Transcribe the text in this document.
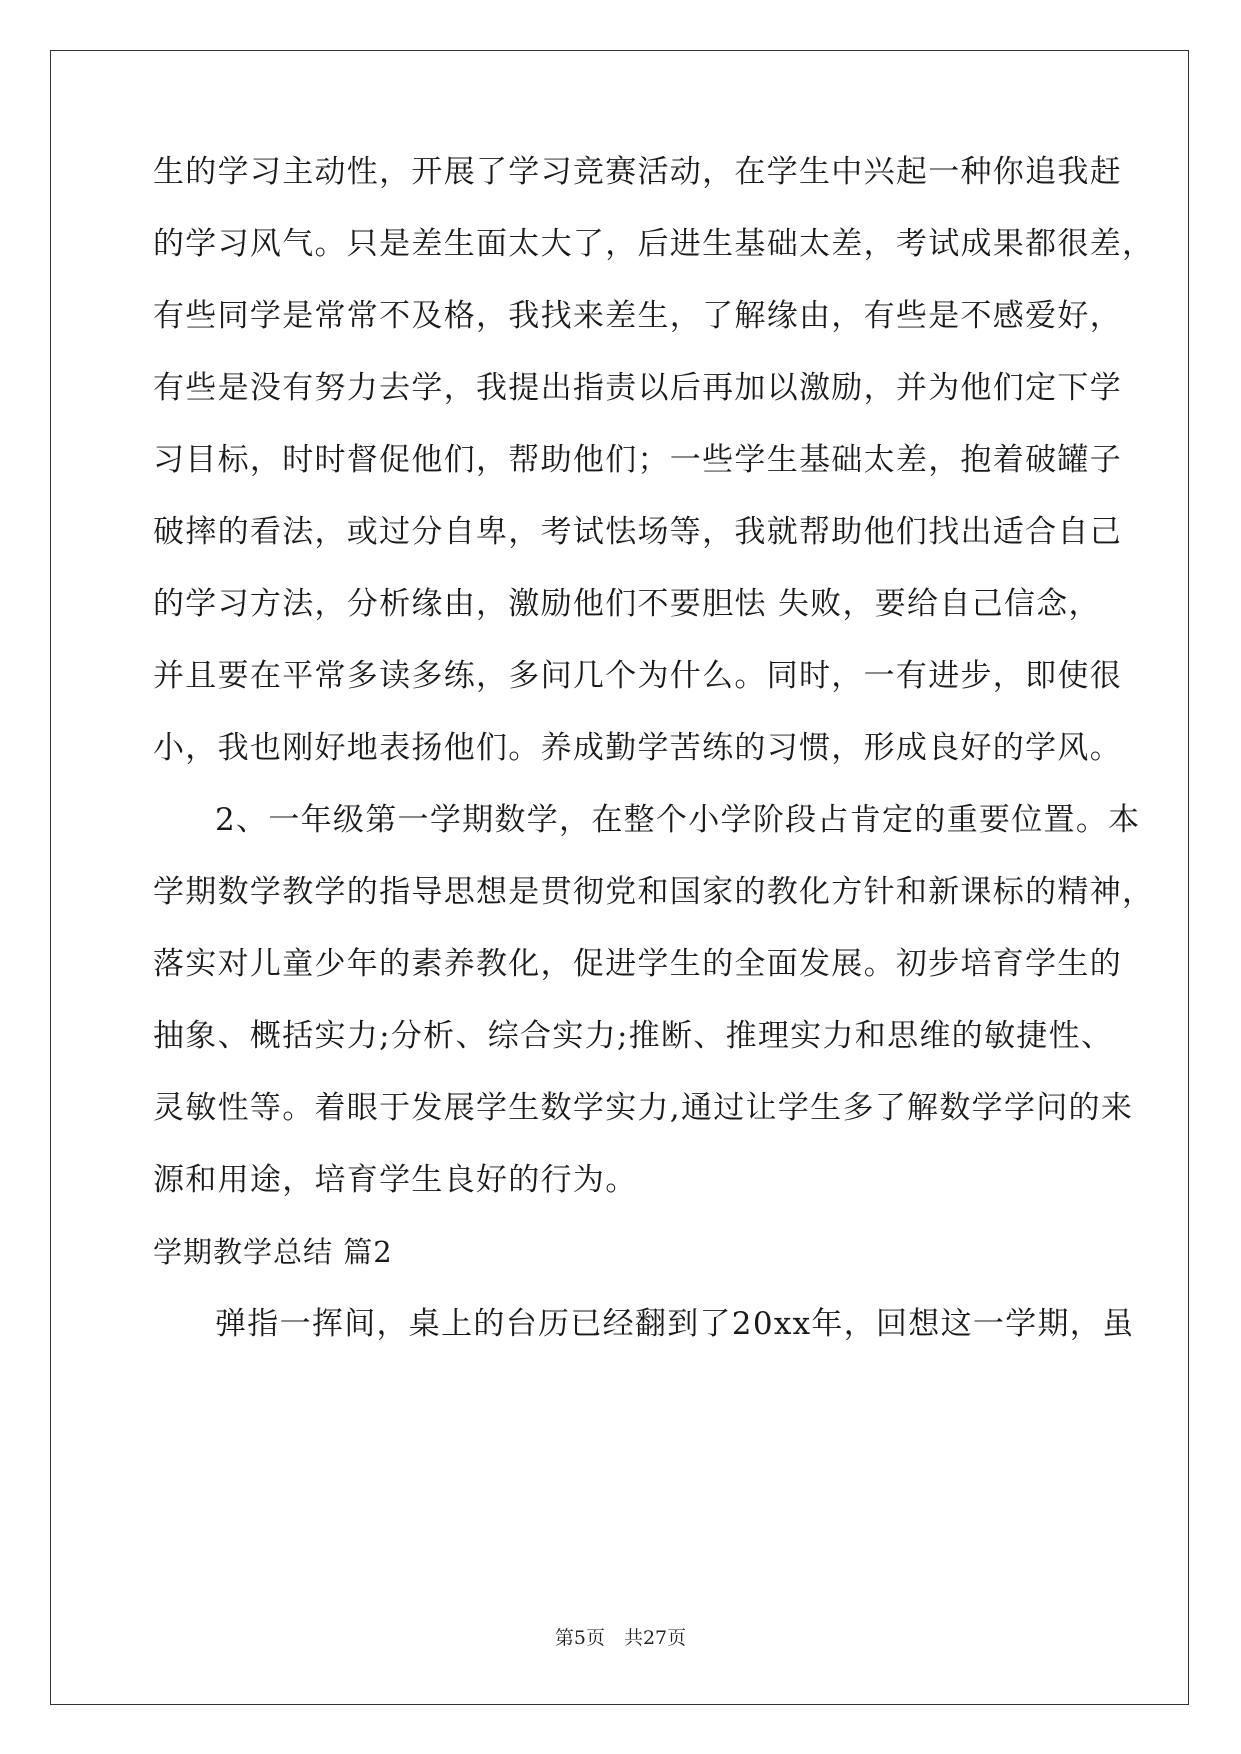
生的学习主动性，开展了学习竞赛活动，在学生中兴起一种你追我赶
的学习风气。只是差生面太大了，后进生基础太差，考试成果都很差，
有些同学是常常不及格，我找来差生，了解缘由，有些是不感爱好，
有些是没有努力去学，我提出指责以后再加以激励，并为他们定下学
习目标，时时督促他们，帮助他们；一些学生基础太差，抱着破罐子
破摔的看法，或过分自卑，考试怯场等，我就帮助他们找出适合自己
的学习方法，分析缘由，激励他们不要胆怯 失败，要给自己信念，
并且要在平常多读多练，多问几个为什么。同时，一有进步，即使很
小，我也刚好地表扬他们。养成勤学苦练的习惯，形成良好的学风。
2、一年级第一学期数学，在整个小学阶段占肯定的重要位置。本
学期数学教学的指导思想是贯彻党和国家的教化方针和新课标的精神，
落实对儿童少年的素养教化，促进学生的全面发展。初步培育学生的
抽象、概括实力;分析、综合实力;推断、推理实力和思维的敏捷性、
灵敏性等。着眼于发展学生数学实力,通过让学生多了解数学学问的来
源和用途，培育学生良好的行为。
学期教学总结 篇2
弹指一挥间，桌上的台历已经翻到了20xx年，回想这一学期，虽
第5页　共27页
